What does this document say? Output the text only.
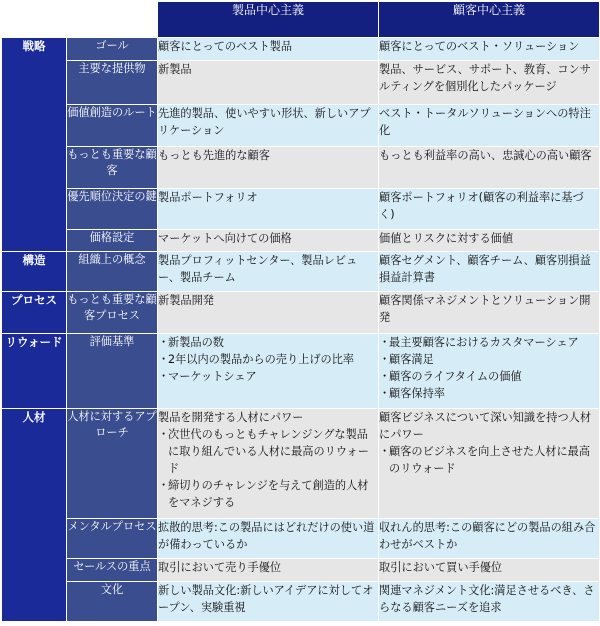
		製品中心主義	顧客中心主義
戦略	ゴール	顧客にとってのベスト製品	顧客にとってのベスト・ソリューション

	主要な提供物	新製品	製品、サービス、サポート、教育、コンサルティングを個別化したパッケージ

	価値創造のルート	先進的製品、使いやすい形状、新しいアプリケーション	ベスト・トータルソリューションへの特注化

	もっとも重要な顧客	もっとも先進的な顧客	もっとも利益率の高い、忠誠心の高い顧客

	優先順位決定の鍵	製品ポートフォリオ	顧客ポートフォリオ(顧客の利益率に基づく)

	価格設定	マーケットへ向けての価格	価値とリスクに対する価値

構造	組織上の概念	製品プロフィットセンター、製品レビュー、製品チーム	顧客セグメント、顧客チーム、顧客別損益損益計算書

プロセス	もっとも重要な顧客プロセス	新製品開発	顧客関係マネジメントとソリューション開発

リウォード	評価基準	・ 新製品の数
・ 2年以内の製品からの売り上げの比率
・ マーケットシェア	・ 最主要顧客におけるカスタマーシェア
・ 顧客満足
・ 顧客のライフタイムの価値
・ 顧客保持率

人材	人材に対するアプローチ	製品を開発する人材にパワー
・ 次世代のもっともチャレンジングな製品に取り組んでいる人材に最高のリウォード
・ 締切りのチャレンジを与えて創造的人材をマネジする	顧客ビジネスについて深い知識を持つ人材にパワー
・ 顧客のビジネスを向上させた人材に最高のリウォード

	メンタルプロセス	拡散的思考:この製品にはどれだけの使い道が備わっているか	収れん的思考:この顧客にどの製品の組み合わせがベストか

	セールスの重点	取引において売り手優位	取引において買い手優位

	文化	新しい製品文化:新しいアイデアに対してオープン、実験重視	関連マネジメント文化:満足させるべき、さらなる顧客ニーズを追求
